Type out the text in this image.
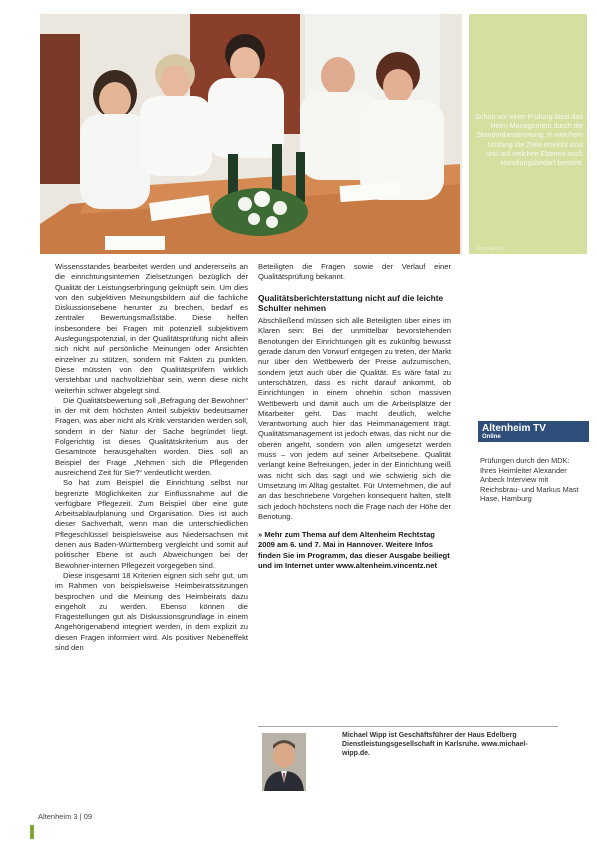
Schon vor einer Prüfung lässt das Heim-Management durch die Standortbestimmung, in welchem Umfang die Ziele erreicht sind und auf welchen Ebenen noch Handlungsbedarf besteht.
Foto: Archiv

Wissensstandes bearbeitet werden und andererseits an die einrichtungsinternen Zielsetzungen bezüglich der Qualität der Leistungserbringung geknüpft sein. Um dies von den subjektiven Meinungsbildern auf die fachliche Diskussionsebene herunter zu brechen, bedarf es zentraler Bewertungsmaßstäbe. Diese helfen insbesondere bei Fragen mit potenziell subjektivem Auslegungspotenzial, in der Qualitätsprüfung nicht allein sich nicht auf persönliche Meinungen oder Ansichten einzelner zu stützen, sondern mit Fakten zu punkten. Diese müssten von den Qualitätsprüfern wirklich verstehbar und nachvollziehbar sein, wenn diese nicht weiterhin schwer abgelegt sind.

Die Qualitätsbewertung soll „Befragung der Bewohner“ in der mit dem höchsten Anteil subjektiv bedeutsamer Fragen, was aber nicht als Kritik verstanden werden soll, sondern in der Natur der Sache begründet liegt. Folgerichtig ist dieses Qualitätskriterium aus der Gesamtnote herausgehalten worden. Dies soll an Beispiel der Frage „Nehmen sich die Pflegenden ausreichend Zeit für Sie?“ verdeutlicht werden.

So hat zum Beispiel die Einrichtung selbst nur begrenzte Möglichkeiten zur Einflussnahme auf die verfügbare Pflegezeit. Zum Beispiel über eine gute Arbeitsablaufplanung und Organisation. Dies ist auch dieser Sachverhalt, wenn man die unterschiedlichen Pflegeschlüssel beispielsweise aus Niedersachsen mit denen aus Baden-Württemberg vergleicht und somit auf politischer Ebene ist auch Abweichungen bei der Bewohner-internen Pflegezeit vorgegeben sind.

Diese insgesamt 18 Kriterien eignen sich sehr gut, um im Rahmen von beispielsweise Heimbeiratssitzungen besprochen und die Meinung des Heimbeirats dazu eingeholt zu werden. Ebenso können die Fragestellungen gut als Diskussionsgrundlage in einem Angehörigenabend integriert werden, in dem explizit zu diesen Fragen informiert wird. Als positiver Nebeneffekt sind den

Beteiligten die Fragen sowie der Verlauf einer Qualitätsprüfung bekannt.

Qualitätsberichterstattung nicht auf die leichte Schulter nehmen

Abschließend müssen sich alle Beteiligten über eines im Klaren sein: Bei der unmittelbar bevorstehenden Benotungen der Einrichtungen gilt es zukünftig bewusst gerade darum den Vorwurf entgegen zu treten, der Markt nur über den Wettbewerb der Preise aufzumischen, sondern jetzt auch über die Qualität. Es wäre fatal zu unterschätzen, dass es nicht darauf ankommt, ob Einrichtungen in einem ohnehin schon massiven Wettbewerb und damit auch um die Arbeitsplätze der Mitarbeiter geht. Das macht deutlich, welche Verantwortung auch hier das Heimmanagement trägt. Qualitätsmanagement ist jedoch etwas, das nicht nur die oberen angeht, sondern von allen umgesetzt werden muss – von jedem auf seiner Arbeitsebene. Qualität verlangt keine Befreiungen, jeder in der Einrichtung weiß was nicht sich das sagt und wie schwierig sich die Umsetzung im Alltag gestaltet. Für Unternehmen, die auf an das beschriebene Vorgehen konsequent halten, stellt sich jedoch höchstens noch die Frage nach der Höhe der Benotung.

» Mehr zum Thema auf dem Altenheim Rechtstag 2009 am 6. und 7. Mai in Hannover. Weitere Infos finden Sie im Programm, das dieser Ausgabe beiliegt und im Internet unter www.altenheim.vincentz.net
Altenheim TV
Online
Prüfungen durch den MDK: Ihres Heimleiter Alexander Anbeck Interview mit Reichsbrau- und Markus Mast Hase, Hamburg
Michael Wipp ist Geschäftsführer der Haus Edelberg Dienstleistungsgesellschaft in Karlsruhe. www.michael-wipp.de.
Altenheim 3 | 09
